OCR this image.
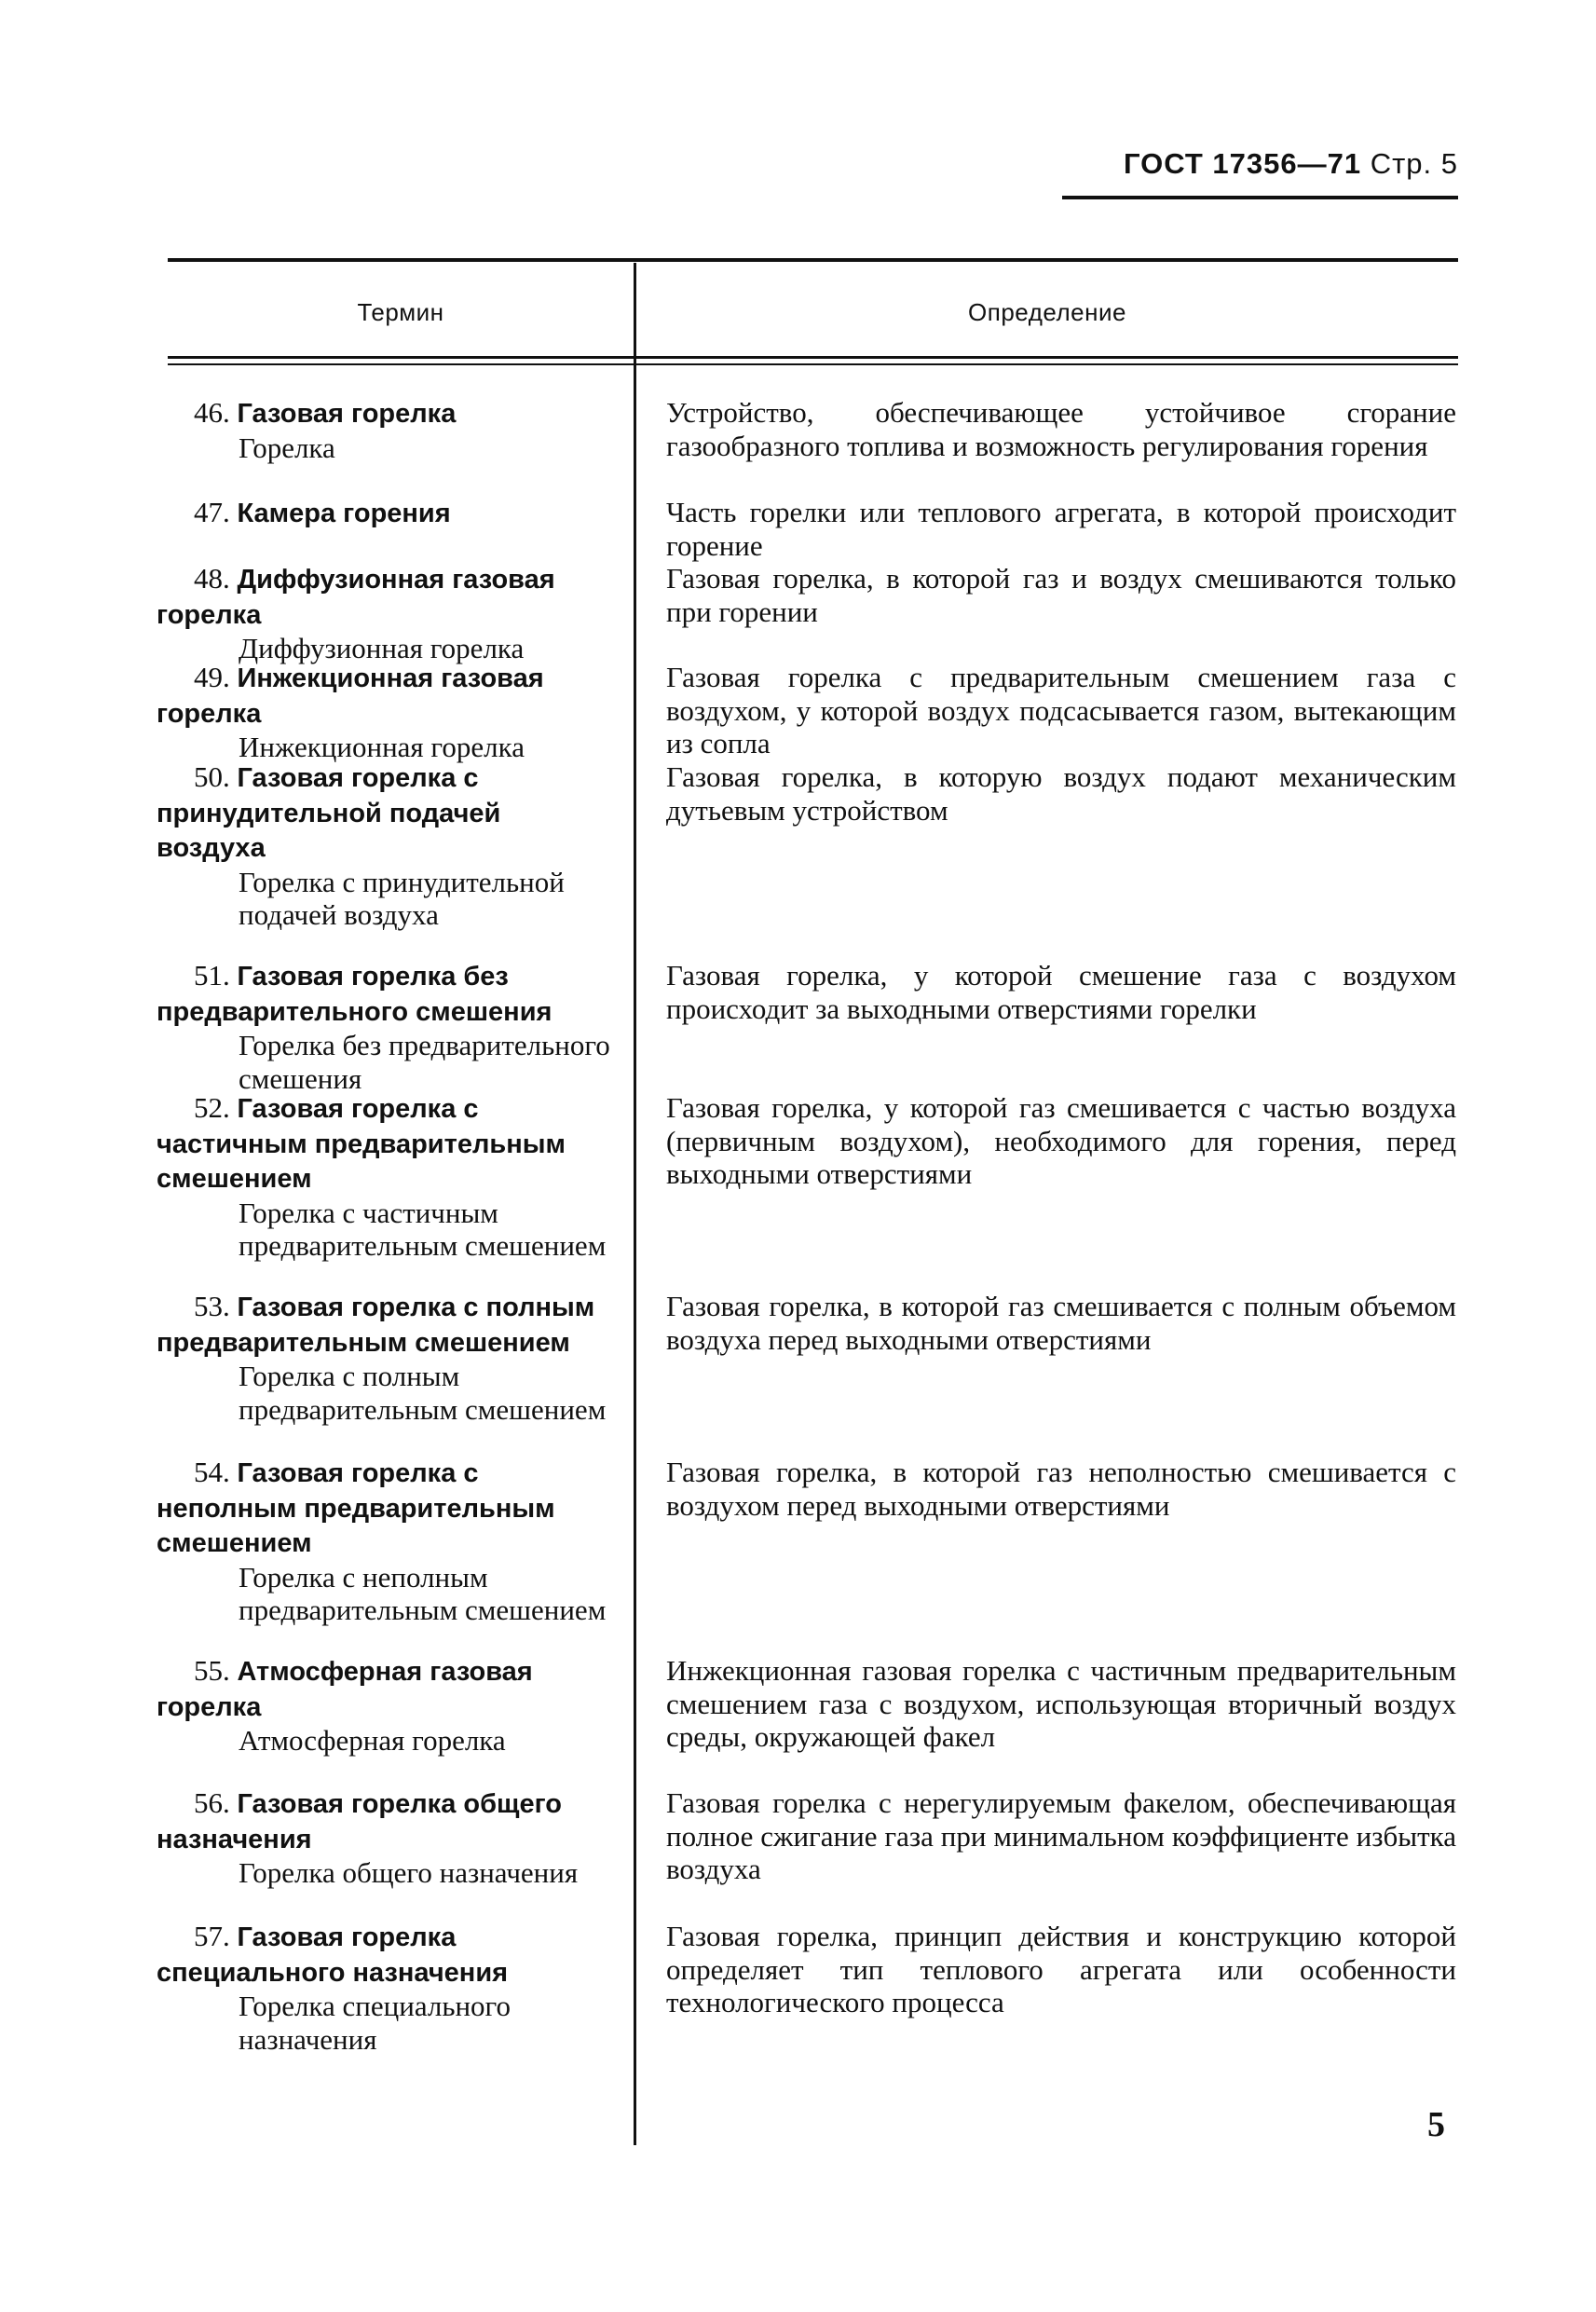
ГОСТ 17356—71 Стр. 5
Термин	Определение
46. Газовая горелка
Горелка
Устройство, обеспечивающее устойчивое сгорание газообразного топлива и возможность регулирования горения
47. Камера горения	Часть горелки или теплового агрегата, в которой происходит горение
48. Диффузионная газовая горелка
Диффузионная горелка
Газовая горелка, в которой газ и воздух смешиваются только при горении
49. Инжекционная газовая горелка
Инжекционная горелка
Газовая горелка с предварительным смешением газа с воздухом, у которой воздух подсасывается газом, вытекающим из сопла
50. Газовая горелка с принудительной подачей воздуха
Горелка с принудительной подачей воздуха
Газовая горелка, в которую воздух подают механическим дутьевым устройством
51. Газовая горелка без предварительного смешения
Горелка без предварительного смешения
Газовая горелка, у которой смешение газа с воздухом происходит за выходными отверстиями горелки
52. Газовая горелка с частичным предварительным смешением
Горелка с частичным предварительным смешением
Газовая горелка, у которой газ смешивается с частью воздуха (первичным воздухом), необходимого для горения, перед выходными отверстиями
53. Газовая горелка с полным предварительным смешением
Горелка с полным предварительным смешением
Газовая горелка, в которой газ смешивается с полным объемом воздуха перед выходными отверстиями
54. Газовая горелка с неполным предварительным смешением
Горелка с неполным предварительным смешением
Газовая горелка, в которой газ неполностью смешивается с воздухом перед выходными отверстиями
55. Атмосферная газовая горелка
Атмосферная горелка
Инжекционная газовая горелка с частичным предварительным смешением газа с воздухом, использующая вторичный воздух среды, окружающей факел
56. Газовая горелка общего назначения
Горелка общего назначения
Газовая горелка с нерегулируемым факелом, обеспечивающая полное сжигание газа при минимальном коэффициенте избытка воздуха
57. Газовая горелка специального назначения
Горелка специального назначения
Газовая горелка, принцип действия и конструкцию которой определяет тип теплового агрегата или особенности технологического процесса
5
